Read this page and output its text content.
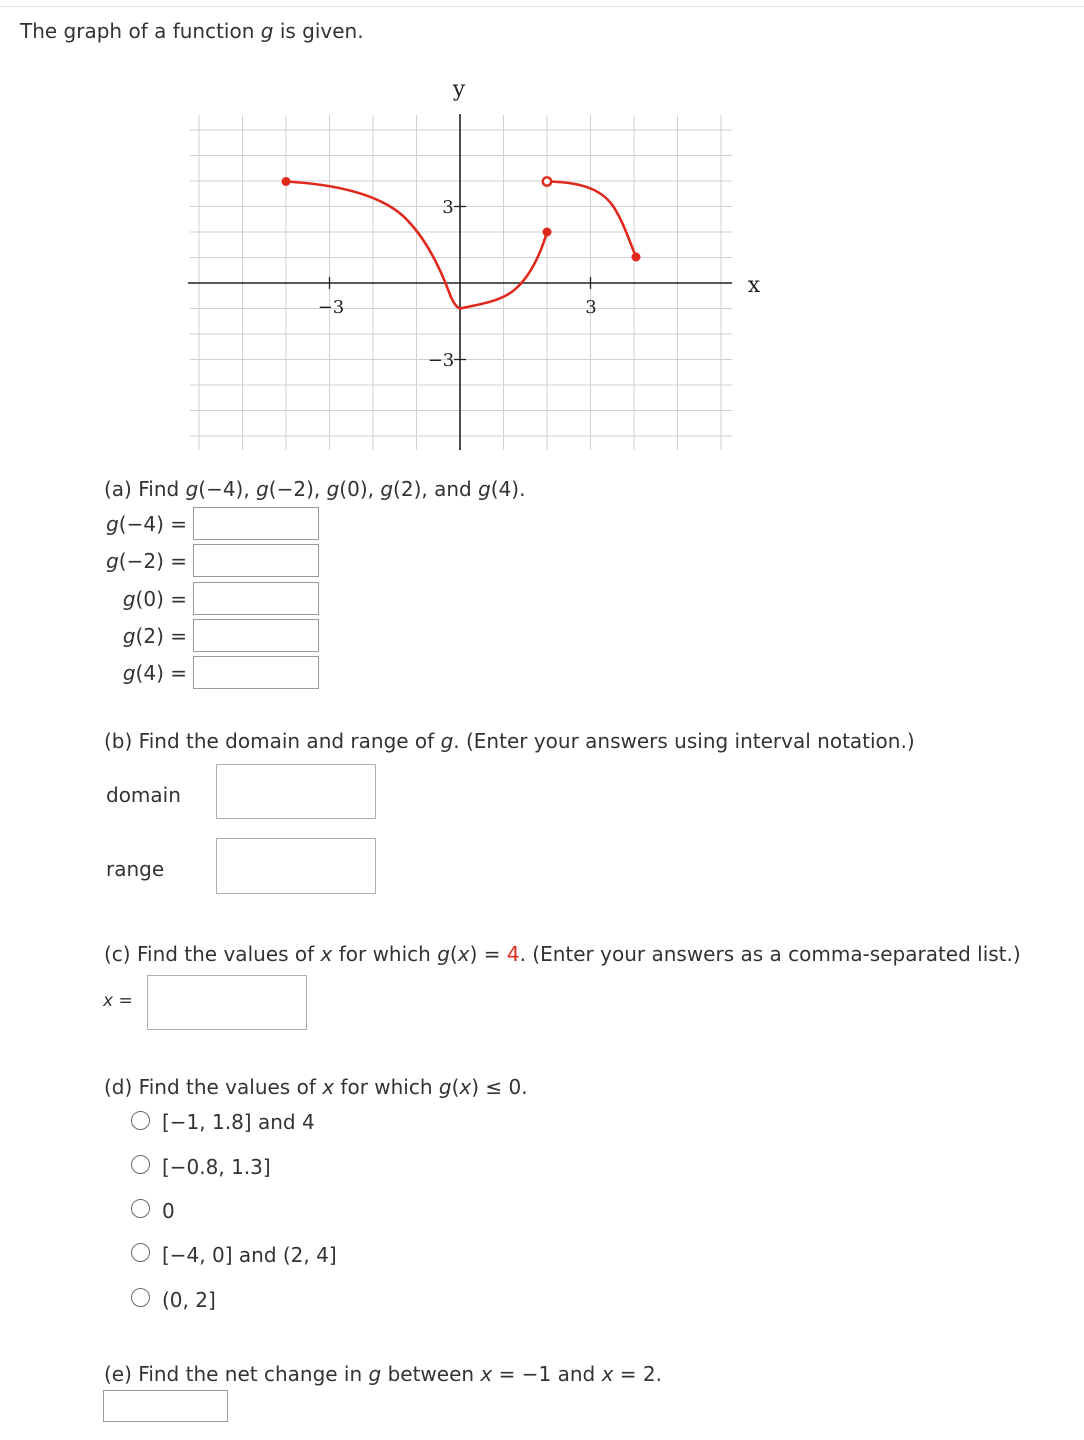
The graph of a function g is given.
y
x
−3	3
3
−3
(a) Find g(−4), g(−2), g(0), g(2), and g(4).
g(−4) =
g(−2) =
g(0) =
g(2) =
g(4) =
(b) Find the domain and range of g. (Enter your answers using interval notation.)
domain
range
(c) Find the values of x for which g(x) = 4. (Enter your answers as a comma-separated list.)
x =
(d) Find the values of x for which g(x) ≤ 0.
[−1, 1.8] and 4
[−0.8, 1.3]
0
[−4, 0] and (2, 4]
(0, 2]
(e) Find the net change in g between x = −1 and x = 2.
